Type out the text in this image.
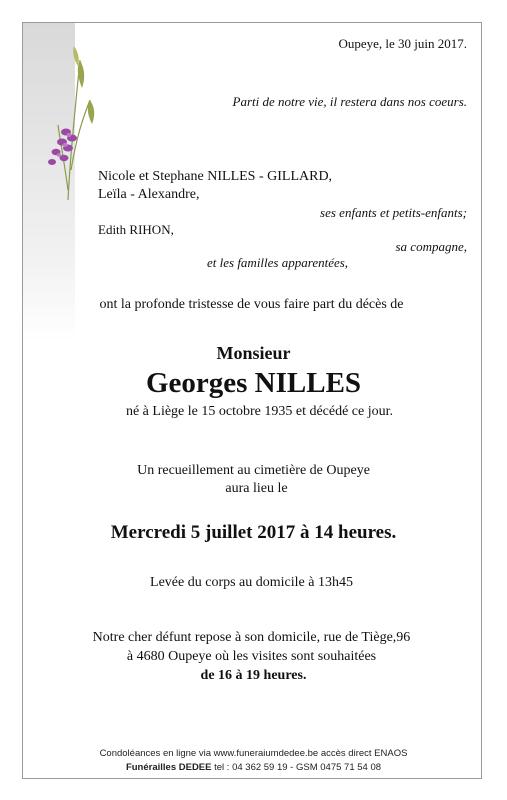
Oupeye, le 30 juin 2017.
Parti de notre vie, il restera dans nos coeurs.
Nicole et Stephane NILLES - GILLARD,
Leïla - Alexandre,
ses enfants et petits-enfants;
Edith RIHON,
sa compagne,
et les familles apparentées,
ont la profonde tristesse de vous faire part du décès de
Monsieur
Georges NILLES
né à Liège le 15 octobre 1935 et décédé ce jour.
Un recueillement au cimetière de Oupeye
aura lieu le
Mercredi 5 juillet 2017 à 14 heures.
Levée du corps au domicile à 13h45
Notre cher défunt repose à son domicile, rue de Tiège,96
à 4680 Oupeye où les visites sont souhaitées
de 16 à 19 heures.
Condoléances en ligne via www.funeraiumdedee.be accès direct ENAOS
Funérailles DEDEE tel : 04 362 59 19 - GSM 0475 71 54 08
